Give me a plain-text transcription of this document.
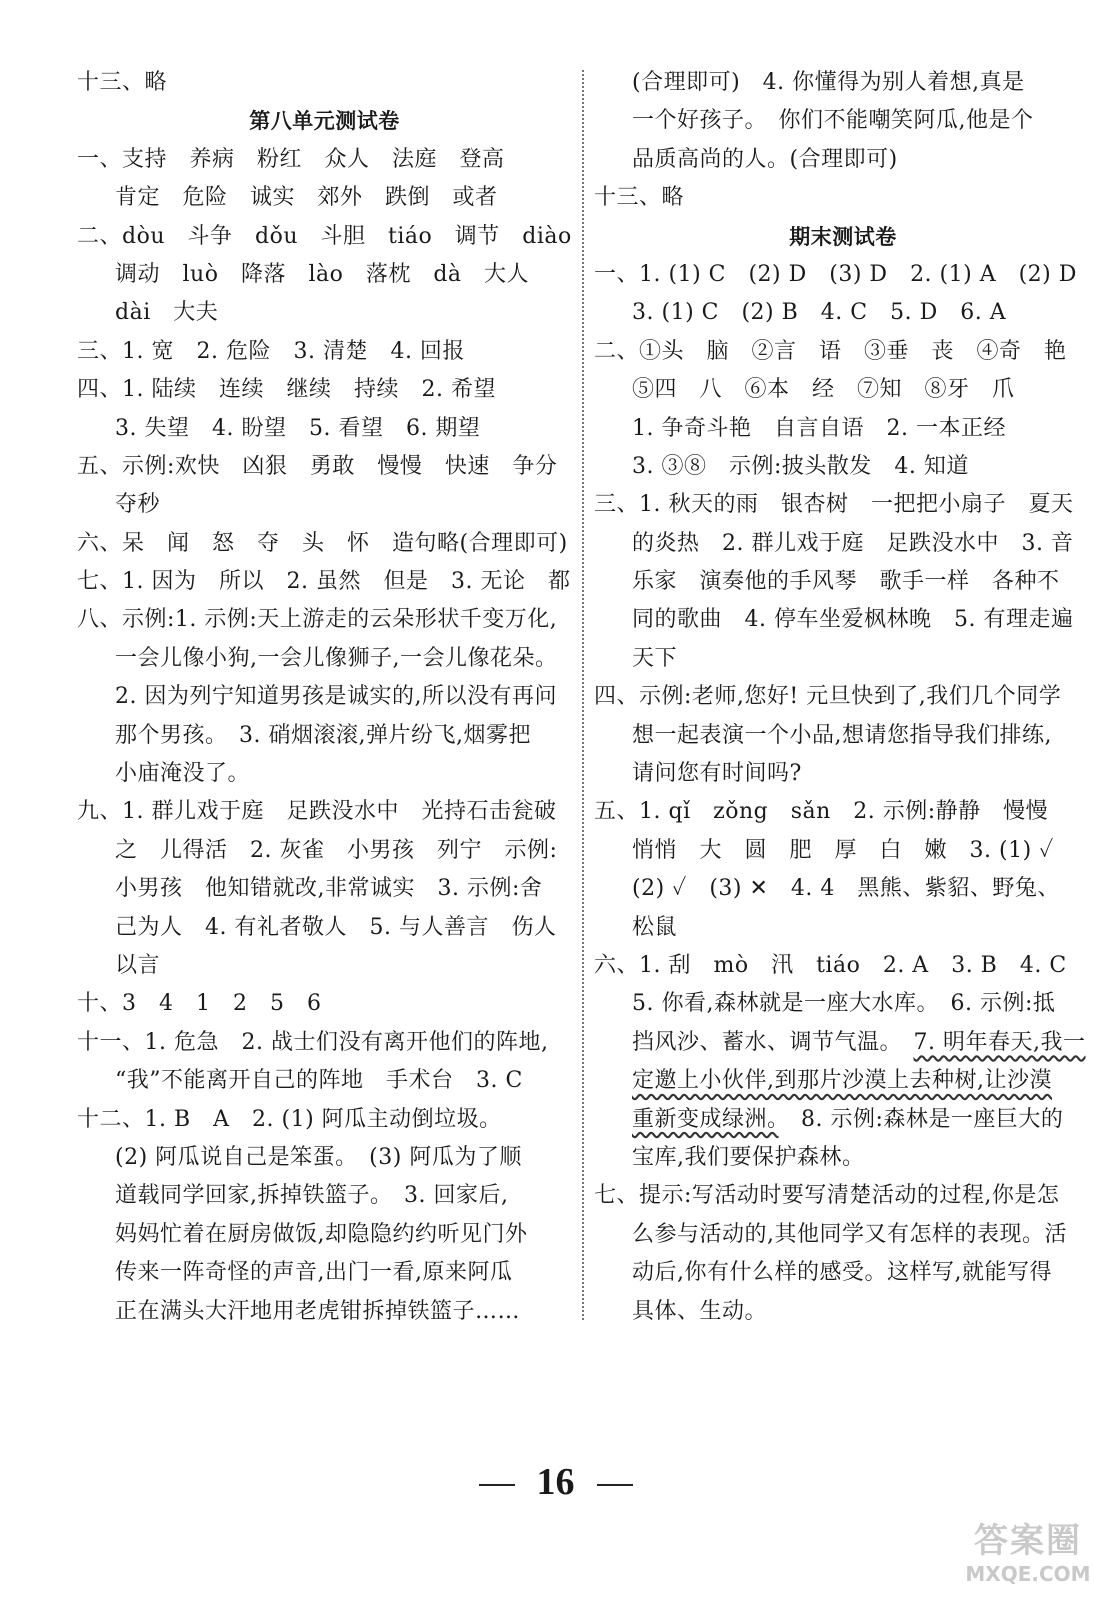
十三、略
第八单元测试卷
一、支持　养病　粉红　众人　法庭　登高
肯定　危险　诚实　郊外　跌倒　或者
二、dòu　斗争　dǒu　斗胆　tiáo　调节　diào
调动　luò　降落　lào　落枕　dà　大人
dài　大夫
三、1. 宽　2. 危险　3. 清楚　4. 回报
四、1. 陆续　连续　继续　持续　2. 希望
3. 失望　4. 盼望　5. 看望　6. 期望
五、示例:欢快　凶狠　勇敢　慢慢　快速　争分
夺秒
六、呆　闻　怒　夺　头　怀　造句略(合理即可)
七、1. 因为　所以　2. 虽然　但是　3. 无论　都
八、示例:1. 示例:天上游走的云朵形状千变万化,
一会儿像小狗,一会儿像狮子,一会儿像花朵。
2. 因为列宁知道男孩是诚实的,所以没有再问
那个男孩。　3. 硝烟滚滚,弹片纷飞,烟雾把
小庙淹没了。
九、1. 群儿戏于庭　足跌没水中　光持石击瓮破
之　儿得活　2. 灰雀　小男孩　列宁　示例:
小男孩　他知错就改,非常诚实　3. 示例:舍
己为人　4. 有礼者敬人　5. 与人善言　伤人
以言
十、3　4　1　2　5　6
十一、1. 危急　2. 战士们没有离开他们的阵地,
“我”不能离开自己的阵地　手术台　3. C
十二、1. B　A　2. (1) 阿瓜主动倒垃圾。
(2) 阿瓜说自己是笨蛋。　(3) 阿瓜为了顺
道载同学回家,拆掉铁篮子。　3. 回家后,
妈妈忙着在厨房做饭,却隐隐约约听见门外
传来一阵奇怪的声音,出门一看,原来阿瓜
正在满头大汗地用老虎钳拆掉铁篮子……
(合理即可)　4. 你懂得为别人着想,真是
一个好孩子。　你们不能嘲笑阿瓜,他是个
品质高尚的人。(合理即可)
十三、略
期末测试卷
一、1. (1) C　(2) D　(3) D　2. (1) A　(2) D
3. (1) C　(2) B　4. C　5. D　6. A
二、①头　脑　②言　语　③垂　丧　④奇　艳
⑤四　八　⑥本　经　⑦知　⑧牙　爪
1. 争奇斗艳　自言自语　2. 一本正经
3. ③⑧　示例:披头散发　4. 知道
三、1. 秋天的雨　银杏树　一把把小扇子　夏天
的炎热　2. 群儿戏于庭　足跌没水中　3. 音
乐家　演奏他的手风琴　歌手一样　各种不
同的歌曲　4. 停车坐爱枫林晚　5. 有理走遍
天下
四、示例:老师,您好! 元旦快到了,我们几个同学
想一起表演一个小品,想请您指导我们排练,
请问您有时间吗?
五、1. qǐ　zǒng　sǎn　2. 示例:静静　慢慢
悄悄　大　圆　肥　厚　白　嫩　3. (1) ✓
(2) ✓　(3) ✕　4. 4　黑熊、紫貂、野兔、
松鼠
六、1. 刮　mò　汛　tiáo　2. A　3. B　4. C
5. 你看,森林就是一座大水库。　6. 示例:抵
挡风沙、蓄水、调节气温。　7. 明年春天,我一
定邀上小伙伴,到那片沙漠上去种树,让沙漠
重新变成绿洲。　8. 示例:森林是一座巨大的
宝库,我们要保护森林。
七、提示:写活动时要写清楚活动的过程,你是怎
么参与活动的,其他同学又有怎样的表现。活
动后,你有什么样的感受。这样写,就能写得
具体、生动。
16
答案圈
MXQE.COM
